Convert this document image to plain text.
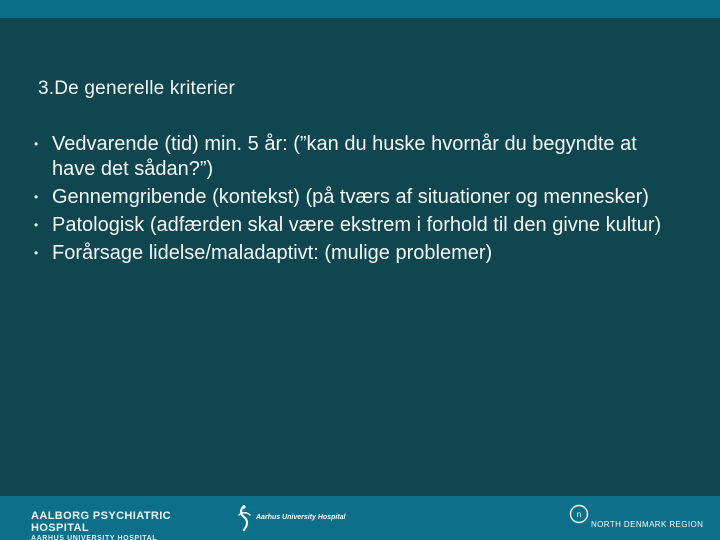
3.De generelle kriterier
• Vedvarende (tid) min. 5 år: (”kan du huske hvornår du begyndte at have det sådan?”)
• Gennemgribende (kontekst) (på tværs af situationer og mennesker)
• Patologisk (adfærden skal være ekstrem i forhold til den givne kultur)
• Forårsage lidelse/maladaptivt: (mulige problemer)
AALBORG PSYCHIATRIC HOSPITAL
AARHUS UNIVERSITY HOSPITAL
Aarhus University Hospital	n
NORTH DENMARK REGION
